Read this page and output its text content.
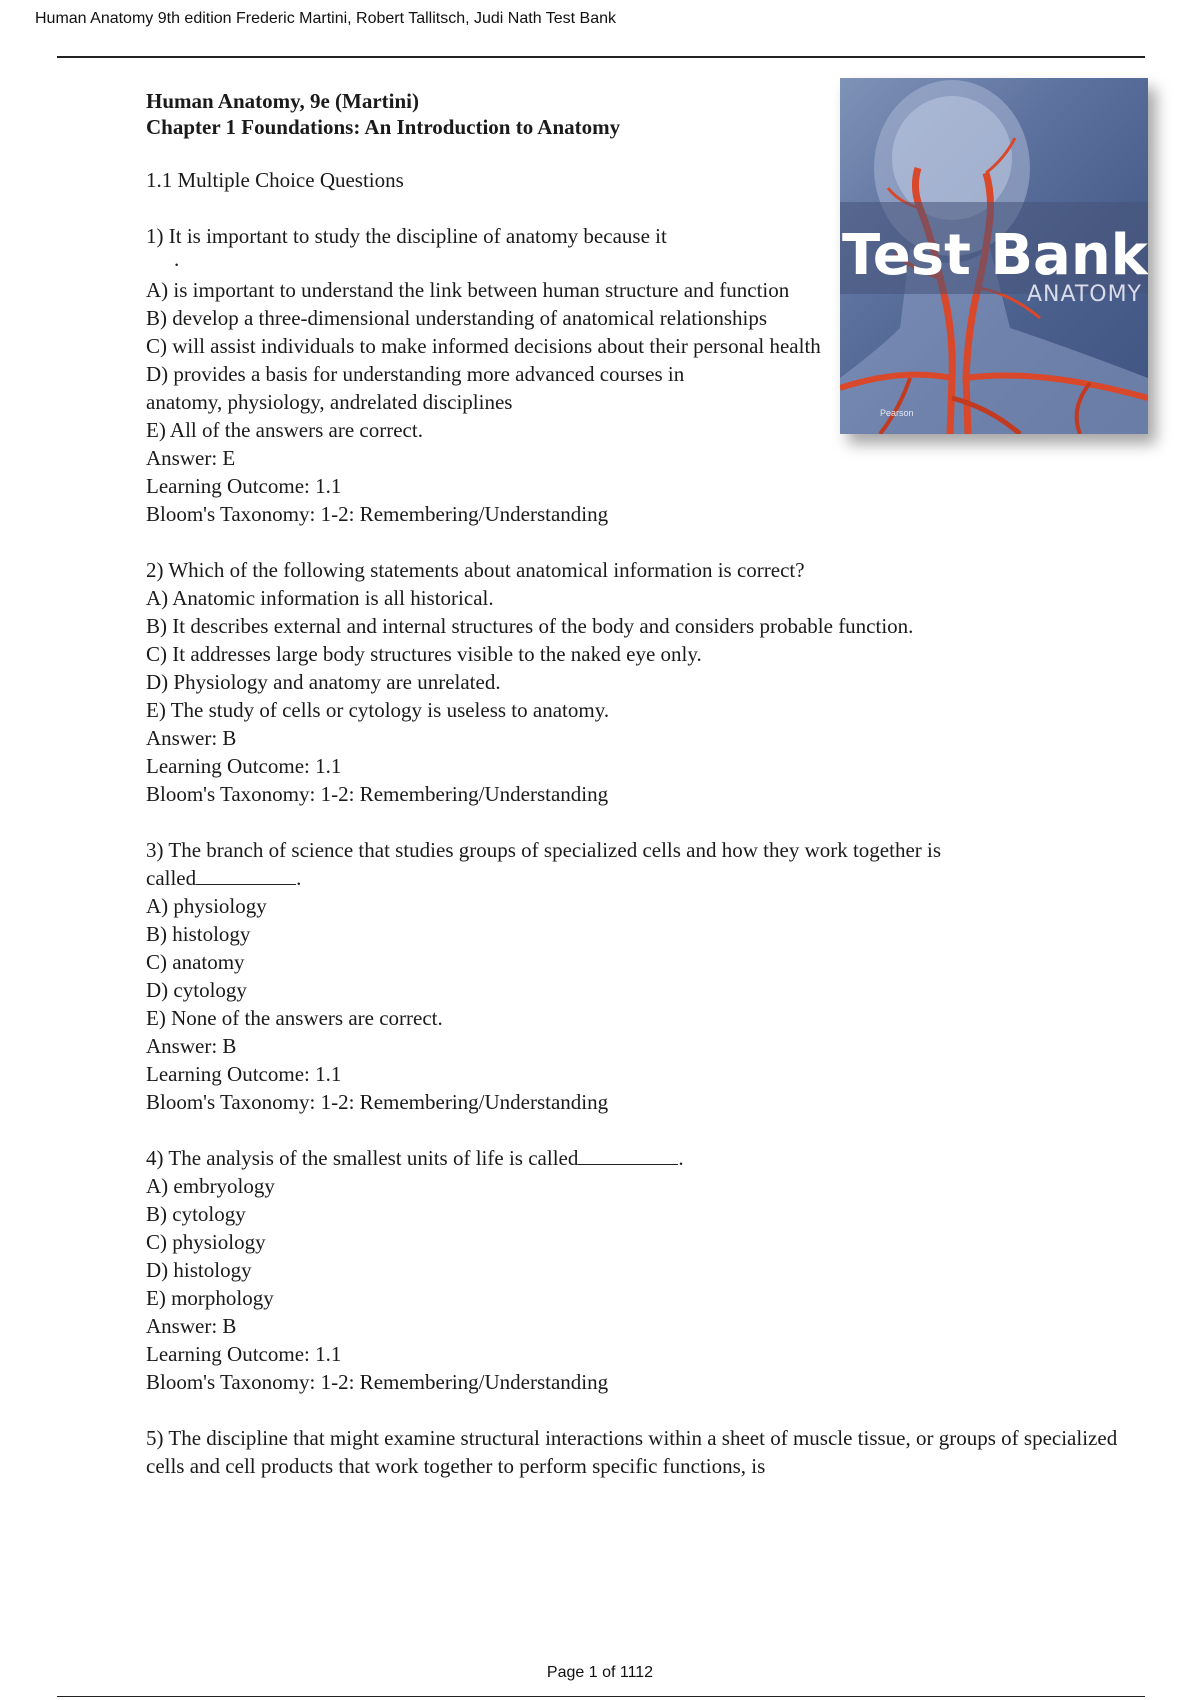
Human Anatomy 9th edition Frederic Martini, Robert Tallitsch, Judi Nath Test Bank
Test Bank
ANATOMY
Pearson

Human Anatomy, 9e (Martini)

Chapter 1 Foundations: An Introduction to Anatomy

1.1 Multiple Choice Questions

1) It is important to study the discipline of anatomy because it

.

A) is important to understand the link between human structure and function

B) develop a three-dimensional understanding of anatomical relationships

C) will assist individuals to make informed decisions about their personal health

D) provides a basis for understanding more advanced courses in

anatomy, physiology, andrelated disciplines

E) All of the answers are correct.

Answer: E

Learning Outcome: 1.1

Bloom's Taxonomy: 1-2: Remembering/Understanding

2) Which of the following statements about anatomical information is correct?

A) Anatomic information is all historical.

B) It describes external and internal structures of the body and considers probable function.

C) It addresses large body structures visible to the naked eye only.

D) Physiology and anatomy are unrelated.

E) The study of cells or cytology is useless to anatomy.

Answer: B

Learning Outcome: 1.1

Bloom's Taxonomy: 1-2: Remembering/Understanding

3) The branch of science that studies groups of specialized cells and how they work together is

called	.

A) physiology

B) histology

C) anatomy

D) cytology

E) None of the answers are correct.

Answer: B

Learning Outcome: 1.1

Bloom's Taxonomy: 1-2: Remembering/Understanding

4) The analysis of the smallest units of life is called	.

A) embryology

B) cytology

C) physiology

D) histology

E) morphology

Answer: B

Learning Outcome: 1.1

Bloom's Taxonomy: 1-2: Remembering/Understanding

5) The discipline that might examine structural interactions within a sheet of muscle tissue, or groups of specialized cells and cell products that work together to perform specific functions, is

Page 1 of 1112
